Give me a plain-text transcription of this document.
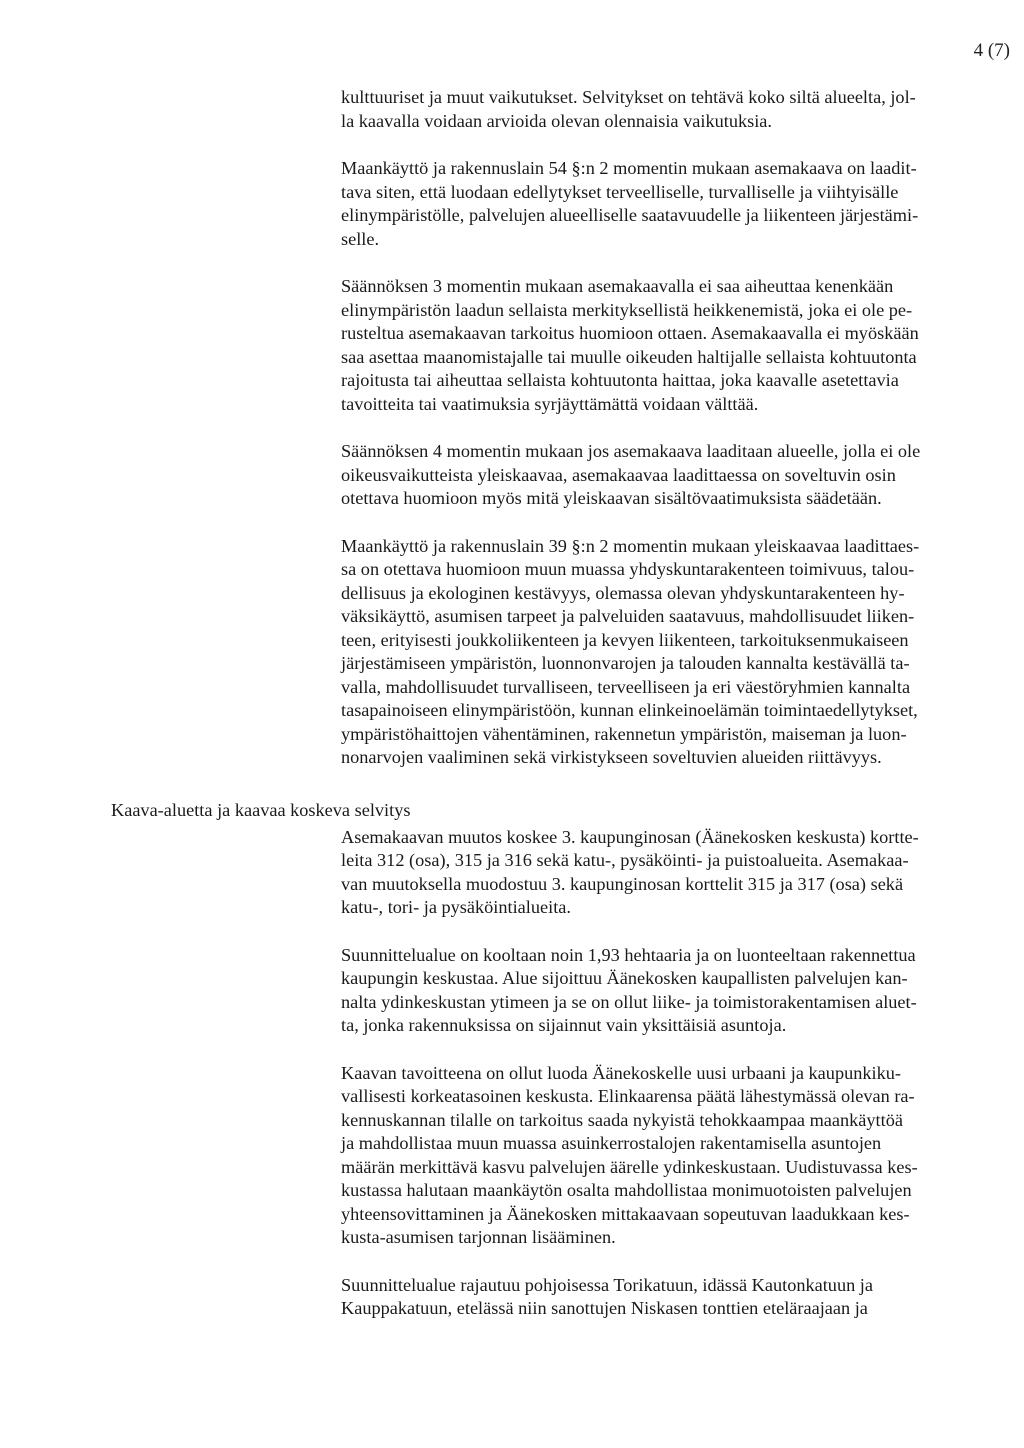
4 (7)
Kaava-aluetta ja kaavaa koskeva selvitys

kulttuuriset ja muut vaikutukset. Selvitykset on tehtävä koko siltä alueelta, jol-
la kaavalla voidaan arvioida olevan olennaisia vaikutuksia.

Maankäyttö ja rakennuslain 54 §:n 2 momentin mukaan asemakaava on laadit-
tava siten, että luodaan edellytykset terveelliselle, turvalliselle ja viihtyisälle
elinympäristölle, palvelujen alueelliselle saatavuudelle ja liikenteen järjestämi-
selle.

Säännöksen 3 momentin mukaan asemakaavalla ei saa aiheuttaa kenenkään
elinympäristön laadun sellaista merkityksellistä heikkenemistä, joka ei ole pe-
rusteltua asemakaavan tarkoitus huomioon ottaen. Asemakaavalla ei myöskään
saa asettaa maanomistajalle tai muulle oikeuden haltijalle sellaista kohtuutonta
rajoitusta tai aiheuttaa sellaista kohtuutonta haittaa, joka kaavalle asetettavia
tavoitteita tai vaatimuksia syrjäyttämättä voidaan välttää.

Säännöksen 4 momentin mukaan jos asemakaava laaditaan alueelle, jolla ei ole
oikeusvaikutteista yleiskaavaa, asemakaavaa laadittaessa on soveltuvin osin
otettava huomioon myös mitä yleiskaavan sisältövaatimuksista säädetään.

Maankäyttö ja rakennuslain 39 §:n 2 momentin mukaan yleiskaavaa laadittaes-
sa on otettava huomioon muun muassa yhdyskuntarakenteen toimivuus, talou-
dellisuus ja ekologinen kestävyys, olemassa olevan yhdyskuntarakenteen hy-
väksikäyttö, asumisen tarpeet ja palveluiden saatavuus, mahdollisuudet liiken-
teen, erityisesti joukkoliikenteen ja kevyen liikenteen, tarkoituksenmukaiseen
järjestämiseen ympäristön, luonnonvarojen ja talouden kannalta kestävällä ta-
valla, mahdollisuudet turvalliseen, terveelliseen ja eri väestöryhmien kannalta
tasapainoiseen elinympäristöön, kunnan elinkeinoelämän toimintaedellytykset,
ympäristöhaittojen vähentäminen, rakennetun ympäristön, maiseman ja luon-
nonarvojen vaaliminen sekä virkistykseen soveltuvien alueiden riittävyys.

Asemakaavan muutos koskee 3. kaupunginosan (Äänekosken keskusta) kortte-
leita 312 (osa), 315 ja 316 sekä katu-, pysäköinti- ja puistoalueita. Asemakaa-
van muutoksella muodostuu 3. kaupunginosan korttelit 315 ja 317 (osa) sekä
katu-, tori- ja pysäköintialueita.

Suunnittelualue on kooltaan noin 1,93 hehtaaria ja on luonteeltaan rakennettua
kaupungin keskustaa. Alue sijoittuu Äänekosken kaupallisten palvelujen kan-
nalta ydinkeskustan ytimeen ja se on ollut liike- ja toimistorakentamisen aluet-
ta, jonka rakennuksissa on sijainnut vain yksittäisiä asuntoja.

Kaavan tavoitteena on ollut luoda Äänekoskelle uusi urbaani ja kaupunkiku-
vallisesti korkeatasoinen keskusta. Elinkaarensa päätä lähestymässä olevan ra-
kennuskannan tilalle on tarkoitus saada nykyistä tehokkaampaa maankäyttöä
ja mahdollistaa muun muassa asuinkerrostalojen rakentamisella asuntojen
määrän merkittävä kasvu palvelujen äärelle ydinkeskustaan. Uudistuvassa kes-
kustassa halutaan maankäytön osalta mahdollistaa monimuotoisten palvelujen
yhteensovittaminen ja Äänekosken mittakaavaan sopeutuvan laadukkaan kes-
kusta-asumisen tarjonnan lisääminen.

Suunnittelualue rajautuu pohjoisessa Torikatuun, idässä Kautonkatuun ja
Kauppakatuun, etelässä niin sanottujen Niskasen tonttien eteläraajaan ja
